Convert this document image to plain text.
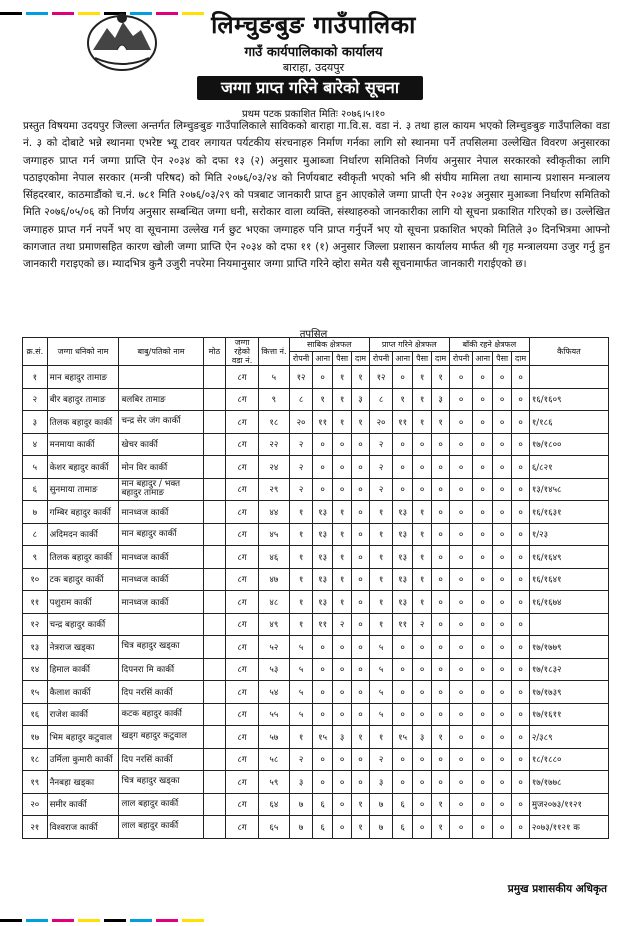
लिम्चुङबुङ गाउँपालिका
गाउँ कार्यपालिकाको कार्यालय
बाराहा, उदयपुर
जग्गा प्राप्त गरिने बारेको सूचना
प्रथम पटक प्रकाशित मितिः २०७६।५।१०
प्रस्तुत विषयमा उदयपुर जिल्ला अन्तर्गत लिम्चुङबुङ गाउँपालिकाले साविकको बाराहा गा.वि.स. वडा नं. ३ तथा हाल कायम भएको लिम्चुङबुङ गाउँपालिका वडा नं. ३ को दोबाटे भन्ने स्थानमा एभरेष्ट भ्यू टावर लगायत पर्यटकीय संरचनाहरु निर्माण गर्नका लागि सो स्थानमा पर्ने तपसिलमा उल्लेखित विवरण अनुसारका जग्गाहरु प्राप्त गर्न जग्गा प्राप्ति ऐन २०३४ को दफा १३ (२) अनुसार मुआब्जा निर्धारण समितिको निर्णय अनुसार नेपाल सरकारको स्वीकृतीका लागि पठाइएकोमा नेपाल सरकार (मन्त्री परिषद) को मिति २०७६/०३/२४ को निर्णयबाट स्वीकृती भएको भनि श्री संघीय मामिला तथा सामान्य प्रशासन मन्त्रालय सिंहदरबार, काठमाडौंको च.नं. ७८१ मिति २०७६/०३/२९ को पत्रबाट जानकारी प्राप्त हुन आएकोले जग्गा प्राप्ती ऐन २०३४ अनुसार मुआब्जा निर्धारण समितिको मिति २०७६/०५/०६ को निर्णय अनुसार सम्बन्धित जग्गा धनी, सरोकार वाला व्यक्ति, संस्थाहरुको जानकारीका लागि यो सूचना प्रकाशित गरिएको छ। उल्लेखित जग्गाहरु प्राप्त गर्न नपर्ने भए वा सूचनामा उल्लेख गर्न छुट भएका जग्गाहरु पनि प्राप्त गर्नुपर्ने भए यो सूचना प्रकाशित भएको मितिले ३० दिनभित्रमा आफ्नो कागजात तथा प्रमाणसहित कारण खोली जग्गा प्राप्ति ऐन २०३४ को दफा ११ (१) अनुसार जिल्ला प्रशासन कार्यालय मार्फत श्री गृह मन्त्रालयमा उजुर गर्नु हुन जानकारी गराइएको छ। म्यादभित्र कुनै उजुरी नपरेमा नियमानुसार जग्गा प्राप्ति गरिने व्होरा समेत यसै सूचनामार्फत जानकारी गराईएको छ।
तपसिल
क्र.सं.	जग्गा धनिको नाम	बाबु/पतिको नाम	मोठ	जग्गा रहेको वडा नं.	कित्ता नं.	साबिक क्षेत्रफल				प्राप्त गरिने क्षेत्रफल				बाँकी रहने क्षेत्रफल				कैफियत
						रोपनी	आना	पैसा	दाम	रोपनी	आना	पैसा	दाम	रोपनी	आना	पैसा	दाम	
१	मान बहादुर तामाङ			८ग	५	१२	०	१	१	१२	०	१	१	०	०	०	०	
२	बीर बहादुर तामाङ	बलबिर तामाङ		८ग	९	८	१	१	३	८	१	१	३	०	०	०	०	१६/१६०९
३	तिलक बहादुर कार्की	चन्द्र सेर जंग कार्की		८ग	१८	२०	११	१	१	२०	११	१	१	०	०	०	०	१/१८६
४	मनमाया कार्की	खेचर कार्की		८ग	२२	२	०	०	०	२	०	०	०	०	०	०	०	१७/१८००
५	केशर बहादुर कार्की	मोन विर कार्की		८ग	२४	२	०	०	०	२	०	०	०	०	०	०	०	६/८२१
६	सुनमाया तामाङ	मान बहादुर / भक्त बहादुर तामाङ		८ग	२९	२	०	०	०	२	०	०	०	०	०	०	०	१३/१४५८
७	गम्बिर बहादुर कार्की	मानध्वज कार्की		८ग	४४	१	१३	१	०	१	१३	१	०	०	०	०	०	१६/१६३१
८	अदिमदन कार्की	मान बहादुर कार्की		८ग	४५	१	१३	१	०	१	१३	१	०	०	०	०	०	१/२३
९	तिलक बहादुर कार्की	मानध्वज कार्की		८ग	४६	१	१३	१	०	१	१३	१	०	०	०	०	०	१६/१६४९
१०	टक बहादुर कार्की	मानध्वज कार्की		८ग	४७	१	१३	१	०	१	१३	१	०	०	०	०	०	१६/१६४१
११	पशुराम कार्की	मानध्वज कार्की		८ग	४८	१	१३	१	०	१	१३	१	०	०	०	०	०	१६/१६७४
१२	चन्द्र बहादुर कार्की			८ग	४९	१	११	२	०	१	११	२	०	०	०	०	०	
१३	नेत्रराज खड्का	चित्र बहादुर खड्का		८ग	५२	५	०	०	०	५	०	०	०	०	०	०	०	१७/१७७९
१४	हिमाल कार्की	दिपनरा मि कार्की		८ग	५३	५	०	०	०	५	०	०	०	०	०	०	०	१७/१८३२
१५	कैलाश कार्की	दिप नरसिं कार्की		८ग	५४	५	०	०	०	५	०	०	०	०	०	०	०	१७/१७३९
१६	राजेश कार्की	कटक बहादुर कार्की		८ग	५५	५	०	०	०	५	०	०	०	०	०	०	०	१७/१६११
१७	भिम बहादुर कटुवाल	खड्ग बहादुर कटुवाल		८ग	५७	१	१५	३	१	१	१५	३	१	०	०	०	०	२/३८९
१८	उर्मिला कुमारी कार्की	दिप नरसिं कार्की		८ग	५८	२	०	०	०	२	०	०	०	०	०	०	०	१८/१८८०
१९	नैनबहा खड्का	चित्र बहादुर खड्का		८ग	५९	३	०	०	०	३	०	०	०	०	०	०	०	१७/१७७८
२०	समीर कार्की	लाल बहादुर कार्की		८ग	६४	७	६	०	१	७	६	०	१	०	०	०	०	मुज२०७३/११२१
२१	विश्वराज कार्की	लाल बहादुर कार्की		८ग	६५	७	६	०	१	७	६	०	१	०	०	०	०	२०७३/११२१ क
प्रमुख प्रशासकीय अधिकृत
